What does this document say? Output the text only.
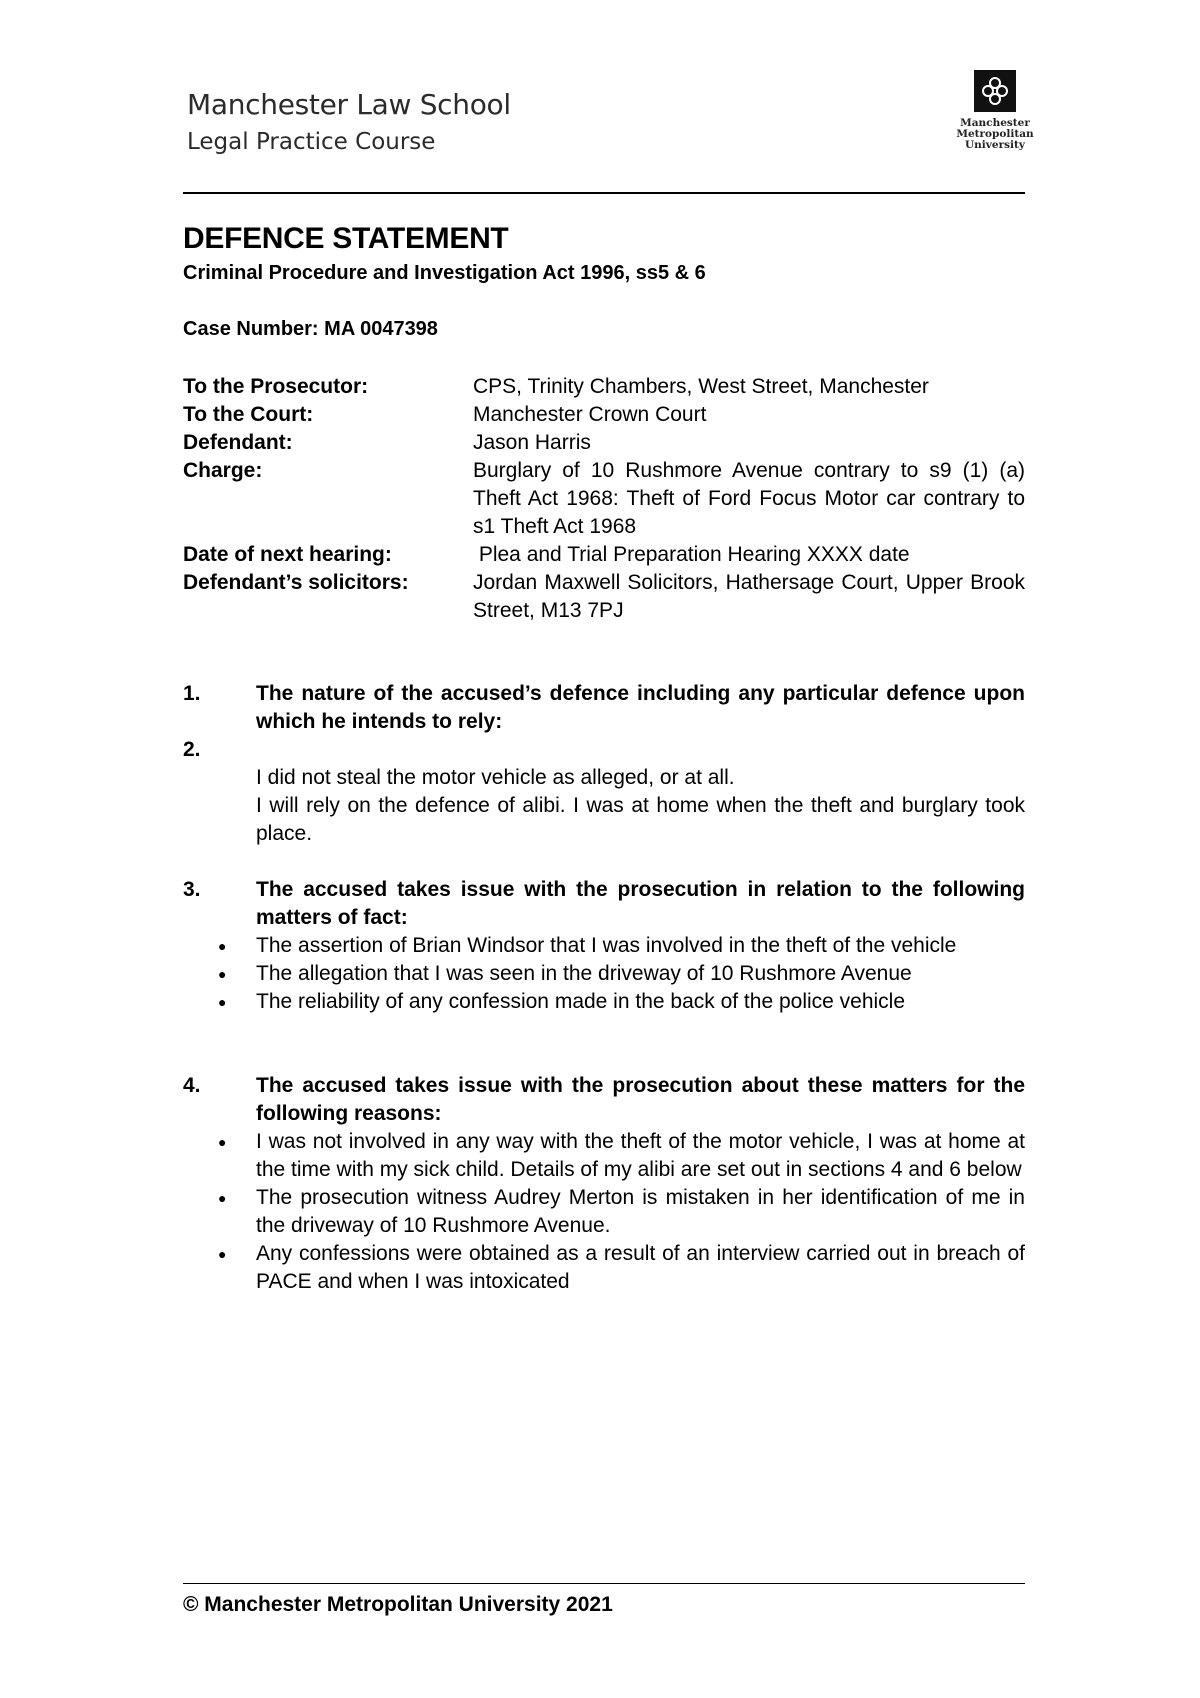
Manchester Law School
Legal Practice Course
Manchester
Metropolitan
University
DEFENCE STATEMENT
Criminal Procedure and Investigation Act 1996, ss5 & 6
Case Number: MA 0047398
To the Prosecutor:	CPS, Trinity Chambers, West Street, Manchester
To the Court:	Manchester Crown Court
Defendant:	Jason Harris
Charge:	Burglary of 10 Rushmore Avenue contrary to s9 (1) (a) Theft Act 1968: Theft of Ford Focus Motor car contrary to s1 Theft Act 1968
Date of next hearing:	Plea and Trial Preparation Hearing XXXX date
Defendant’s solicitors:	Jordan Maxwell Solicitors, Hathersage Court, Upper Brook Street, M13 7PJ
1.	The nature of the accused’s defence including any particular defence upon which he intends to rely:
2.
I did not steal the motor vehicle as alleged, or at all.
I will rely on the defence of alibi. I was at home when the theft and burglary took place.
3.	The accused takes issue with the prosecution in relation to the following matters of fact:
●	The assertion of Brian Windsor that I was involved in the theft of the vehicle
●	The allegation that I was seen in the driveway of 10 Rushmore Avenue
●	The reliability of any confession made in the back of the police vehicle
4.	The accused takes issue with the prosecution about these matters for the following reasons:
●	I was not involved in any way with the theft of the motor vehicle, I was at home at the time with my sick child. Details of my alibi are set out in sections 4 and 6 below
●	The prosecution witness Audrey Merton is mistaken in her identification of me in the driveway of 10 Rushmore Avenue.
●	Any confessions were obtained as a result of an interview carried out in breach of PACE and when I was intoxicated
© Manchester Metropolitan University 2021
